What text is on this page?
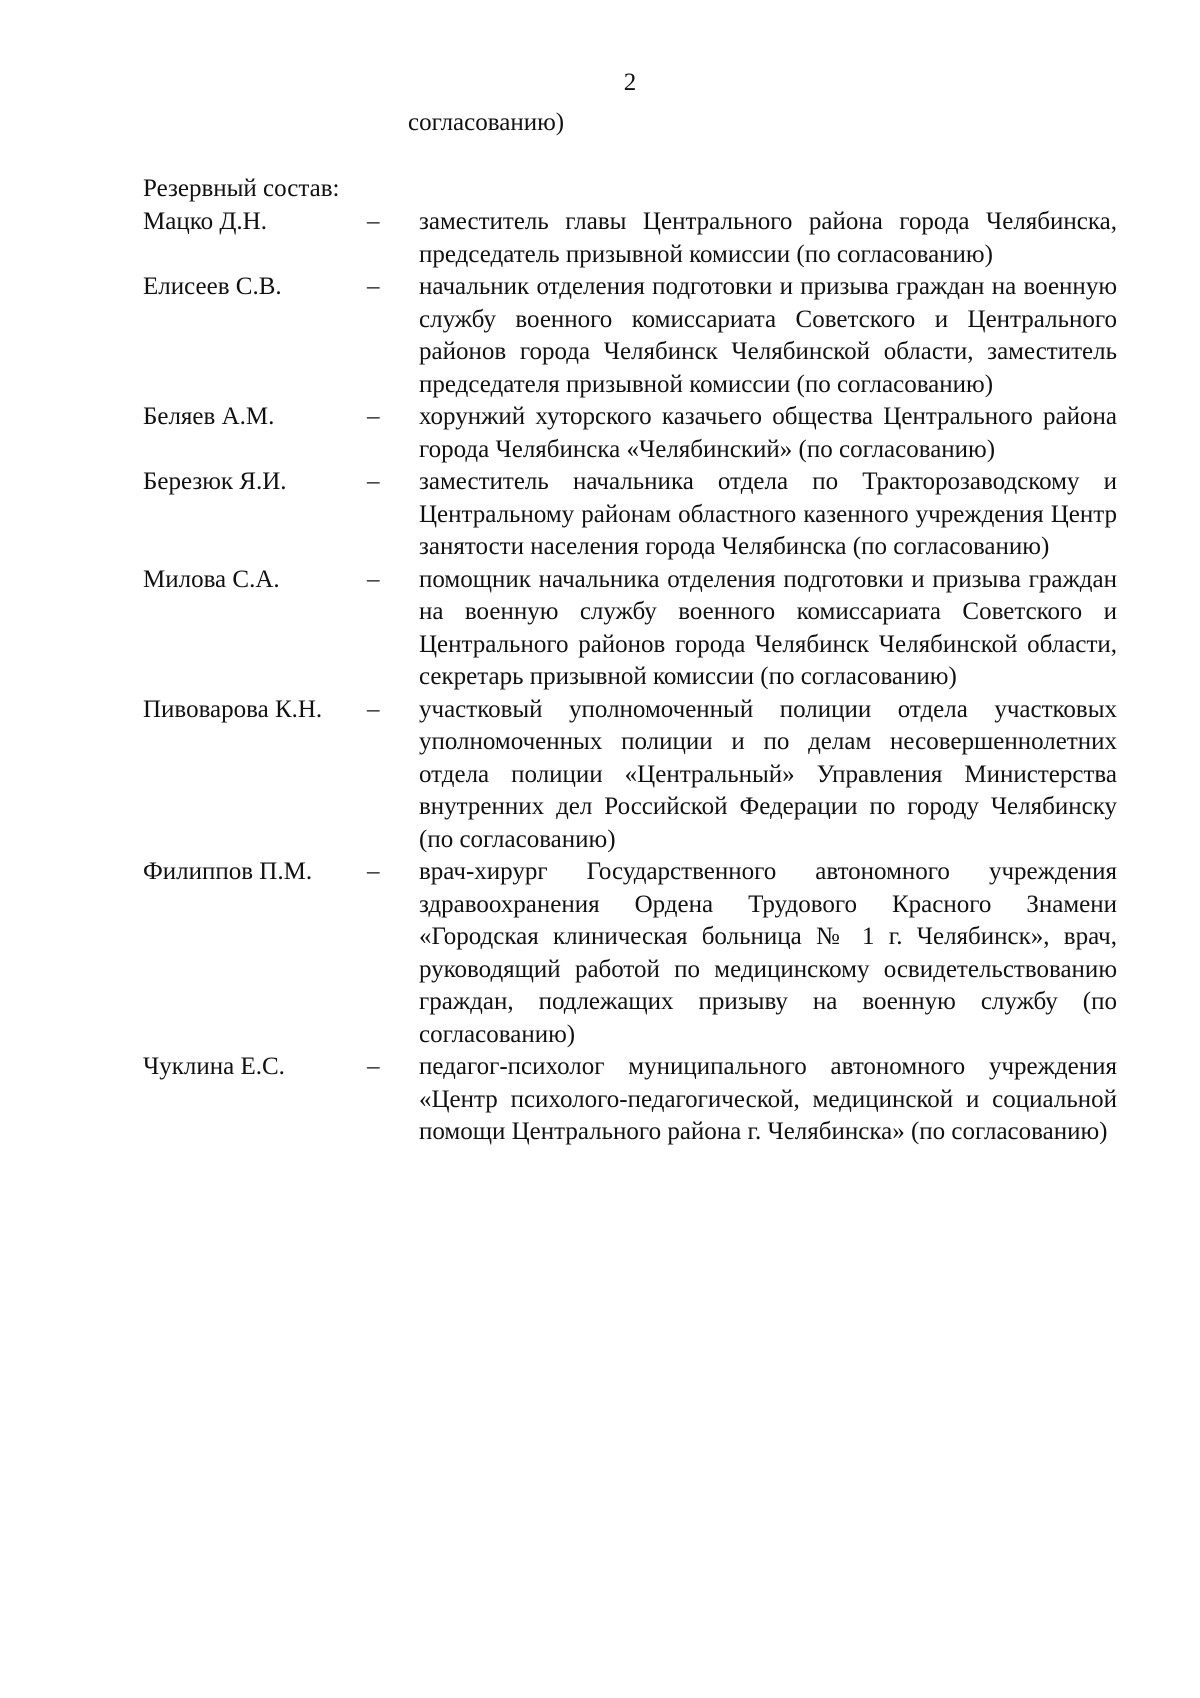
2
согласованию)
Резервный состав:
Мацко Д.Н.	–	заместитель главы Центрального района города Челябинска, председатель призывной комиссии (по согласованию)
Елисеев С.В.	–	начальник отделения подготовки и призыва граждан на военную службу военного комиссариата Советского и Центрального районов города Челябинск Челябинской области, заместитель председателя призывной комиссии (по согласованию)
Беляев А.М.	–	хорунжий хуторского казачьего общества Центрального района города Челябинска «Челябинский» (по согласованию)
Березюк Я.И.	–	заместитель начальника отдела по Тракторозаводскому и Центральному районам областного казенного учреждения Центр занятости населения города Челябинска (по согласованию)
Милова С.А.	–	помощник начальника отделения подготовки и призыва граждан на военную службу военного комиссариата Советского и Центрального районов города Челябинск Челябинской области, секретарь призывной комиссии (по согласованию)
Пивоварова К.Н.	–	участковый уполномоченный полиции отдела участковых уполномоченных полиции и по делам несовершеннолетних отдела полиции «Центральный» Управления Министерства внутренних дел Российской Федерации по городу Челябинску (по согласованию)
Филиппов П.М.	–	врач-хирург Государственного автономного учреждения здравоохранения Ордена Трудового Красного Знамени «Городская клиническая больница № 1 г. Челябинск», врач, руководящий работой по медицинскому освидетельствованию граждан, подлежащих призыву на военную службу (по согласованию)
Чуклина Е.С.	–	педагог-психолог муниципального автономного учреждения «Центр психолого-педагогической, медицинской и социальной помощи Центрального района г. Челябинска» (по согласованию)
